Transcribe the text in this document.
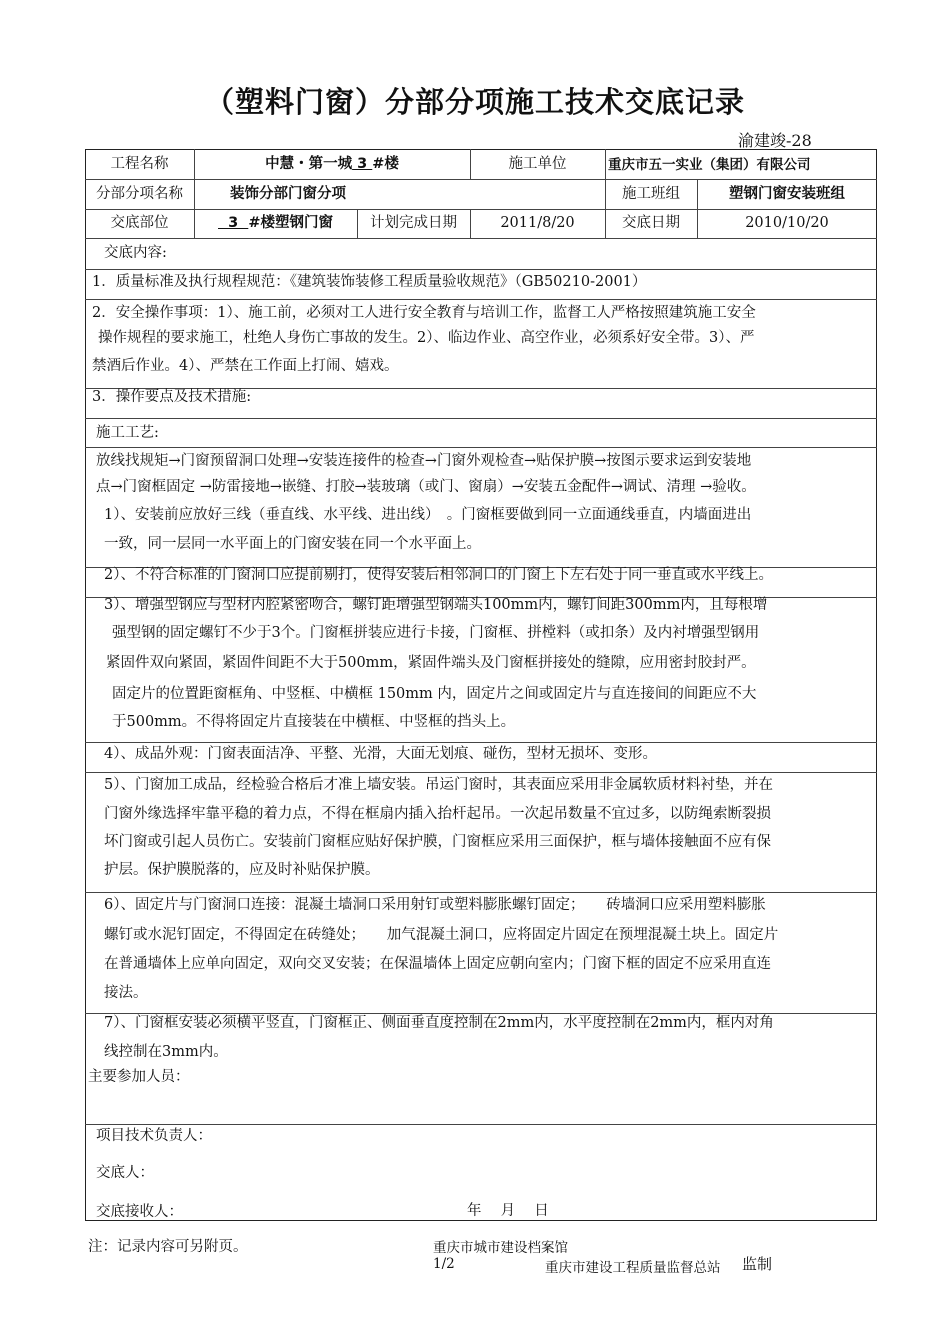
（塑料门窗）分部分项施工技术交底记录
渝建竣-28
工程名称	中慧・第一城 3 #楼	施工单位	重庆市五一实业（集团）有限公司
分部分项名称	装饰分部门窗分项	施工班组	塑钢门窗安装班组
交底部位	3  #楼塑钢门窗	计划完成日期	2011/8/20	交底日期	2010/10/20
交底内容:
1．质量标准及执行规程规范：《建筑装饰装修工程质量验收规范》（GB50210-2001）
2．安全操作事项：1）、施工前，必须对工人进行安全教育与培训工作，监督工人严格按照建筑施工安全
操作规程的要求施工，杜绝人身伤亡事故的发生。2）、临边作业、高空作业，必须系好安全带。3）、严
禁酒后作业。4）、严禁在工作面上打闹、嬉戏。
3．操作要点及技术措施:
施工工艺:
放线找规矩→门窗预留洞口处理→安装连接件的检查→门窗外观检查→贴保护膜→按图示要求运到安装地
点→门窗框固定 →防雷接地→嵌缝、打胶→装玻璃（或门、窗扇）→安装五金配件→调试、清理 →验收。
1）、安装前应放好三线（垂直线、水平线、进出线）　。门窗框要做到同一立面通线垂直，内墙面进出
一致，同一层同一水平面上的门窗安装在同一个水平面上。
2）、不符合标准的门窗洞口应提前剔打，使得安装后相邻洞口的门窗上下左右处于同一垂直或水平线上。
3）、增强型钢应与型材内腔紧密吻合，螺钉距增强型钢端头100mm内，螺钉间距300mm内，且每根增
强型钢的固定螺钉不少于3个。门窗框拼装应进行卡接，门窗框、拼樘料（或扣条）及内衬增强型钢用
紧固件双向紧固，紧固件间距不大于500mm，紧固件端头及门窗框拼接处的缝隙，应用密封胶封严。
固定片的位置距窗框角、中竖框、中横框 150mm 内，固定片之间或固定片与直连接间的间距应不大
于500mm。不得将固定片直接装在中横框、中竖框的挡头上。
4）、成品外观：门窗表面洁净、平整、光滑，大面无划痕、碰伤，型材无损坏、变形。
5）、门窗加工成品，经检验合格后才准上墙安装。吊运门窗时，其表面应采用非金属软质材料衬垫，并在
门窗外缘选择牢靠平稳的着力点，不得在框扇内插入抬杆起吊。一次起吊数量不宜过多，以防绳索断裂损
坏门窗或引起人员伤亡。安装前门窗框应贴好保护膜，门窗框应采用三面保护，框与墙体接触面不应有保
护层。保护膜脱落的，应及时补贴保护膜。
6）、固定片与门窗洞口连接：混凝土墙洞口采用射钉或塑料膨胀螺钉固定；　　砖墙洞口应采用塑料膨胀
螺钉或水泥钉固定，不得固定在砖缝处；　　加气混凝土洞口，应将固定片固定在预埋混凝土块上。固定片
在普通墙体上应单向固定，双向交叉安装；在保温墙体上固定应朝向室内；门窗下框的固定不应采用直连
接法。
7）、门窗框安装必须横平竖直，门窗框正、侧面垂直度控制在2mm内，水平度控制在2mm内，框内对角
线控制在3mm内。
主要参加人员：
项目技术负责人：
交底人：
交底接收人：	年　 月　 日
注：记录内容可另附页。	重庆市城市建设档案馆
1/2	重庆市建设工程质量监督总站 监制
